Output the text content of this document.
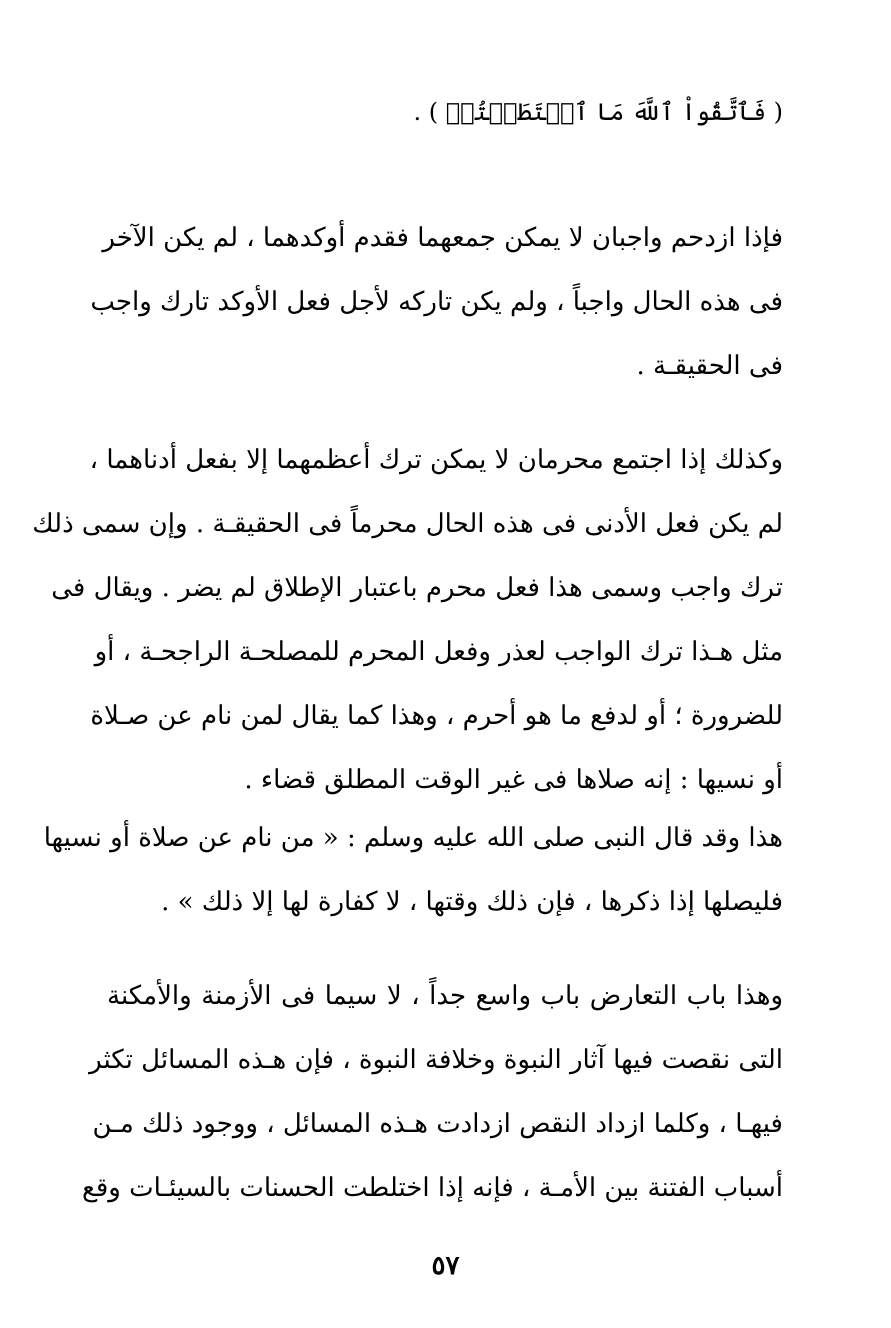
( فَٱتَّقُواْ ٱللَّهَ مَا ٱسۡتَطَعۡتُمۡ ) .
فإذا ازدحم واجبان لا يمكن جمعهما فقدم أوكدهما ، لم يكن الآخر
فى هذه الحال واجباً ، ولم يكن تاركه لأجل فعل الأوكد تارك واجب
فى الحقيقـة .
وكذلك إذا اجتمع محرمان لا يمكن ترك أعظمهما إلا بفعل أدناهما ،
لم يكن فعل الأدنى فى هذه الحال محرماً فى الحقيقـة . وإن سمى ذلك
ترك واجب وسمى هذا فعل محرم باعتبار الإطلاق لم يضر . ويقال فى
مثل هـذا ترك الواجب لعذر وفعل المحرم للمصلحـة الراجحـة ، أو
للضرورة ؛ أو لدفع ما هو أحرم ، وهذا كما يقال لمن نام عن صـلاة
أو نسيها : إنه صلاها فى غير الوقت المطلق قضاء .
هذا وقد قال النبى صلى الله عليه وسلم : « من نام عن صلاة أو نسيها
فليصلها إذا ذكرها ، فإن ذلك وقتها ، لا كفارة لها إلا ذلك » .
وهذا باب التعارض باب واسع جداً ، لا سيما فى الأزمنة والأمكنة
التى نقصت فيها آثار النبوة وخلافة النبوة ، فإن هـذه المسائل تكثر
فيهـا ، وكلما ازداد النقص ازدادت هـذه المسائل ، ووجود ذلك مـن
أسباب الفتنة بين الأمـة ، فإنه إذا اختلطت الحسنات بالسيئـات وقع
٥٧
